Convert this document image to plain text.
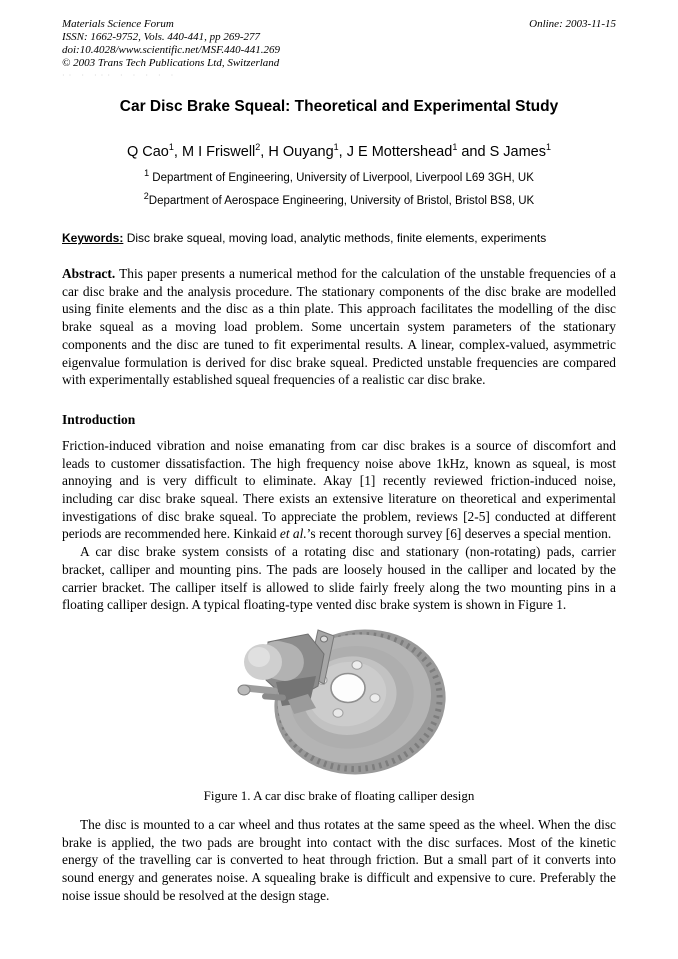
Materials Science Forum
ISSN: 1662-9752, Vols. 440-441, pp 269-277
doi:10.4028/www.scientific.net/MSF.440-441.269
© 2003 Trans Tech Publications Ltd, Switzerland
Online: 2003-11-15
·· · ··· · · · · ·
Car Disc Brake Squeal: Theoretical and Experimental Study
Q Cao$^1$, M I Friswell$^2$, H Ouyang$^1$, J E Mottershead$^1$ and S James$^1$
$^1$ Department of Engineering, University of Liverpool, Liverpool L69 3GH, UK
$^2$Department of Aerospace Engineering, University of Bristol, Bristol BS8, UK

Keywords: Disc brake squeal, moving load, analytic methods, finite elements, experiments

Abstract. This paper presents a numerical method for the calculation of the unstable frequencies of a car disc brake and the analysis procedure. The stationary components of the disc brake are modelled using finite elements and the disc as a thin plate. This approach facilitates the modelling of the disc brake squeal as a moving load problem. Some uncertain system parameters of the stationary components and the disc are tuned to fit experimental results. A linear, complex-valued, asymmetric eigenvalue formulation is derived for disc brake squeal. Predicted unstable frequencies are compared with experimentally established squeal frequencies of a realistic car disc brake.

Introduction

Friction-induced vibration and noise emanating from car disc brakes is a source of discomfort and leads to customer dissatisfaction. The high frequency noise above 1kHz, known as squeal, is most annoying and is very difficult to eliminate. Akay [1] recently reviewed friction-induced noise, including car disc brake squeal. There exists an extensive literature on theoretical and experimental investigations of disc brake squeal. To appreciate the problem, reviews [2-5] conducted at different periods are recommended here. Kinkaid et al.’s recent thorough survey [6] deserves a special mention.

A car disc brake system consists of a rotating disc and stationary (non-rotating) pads, carrier bracket, calliper and mounting pins. The pads are loosely housed in the calliper and located by the carrier bracket. The calliper itself is allowed to slide fairly freely along the two mounting pins in a floating calliper design. A typical floating-type vented disc brake system is shown in Figure 1.

Figure 1. A car disc brake of floating calliper design

The disc is mounted to a car wheel and thus rotates at the same speed as the wheel. When the disc brake is applied, the two pads are brought into contact with the disc surfaces. Most of the kinetic energy of the travelling car is converted to heat through friction. But a small part of it converts into sound energy and generates noise. A squealing brake is difficult and expensive to cure. Preferably the noise issue should be resolved at the design stage.
